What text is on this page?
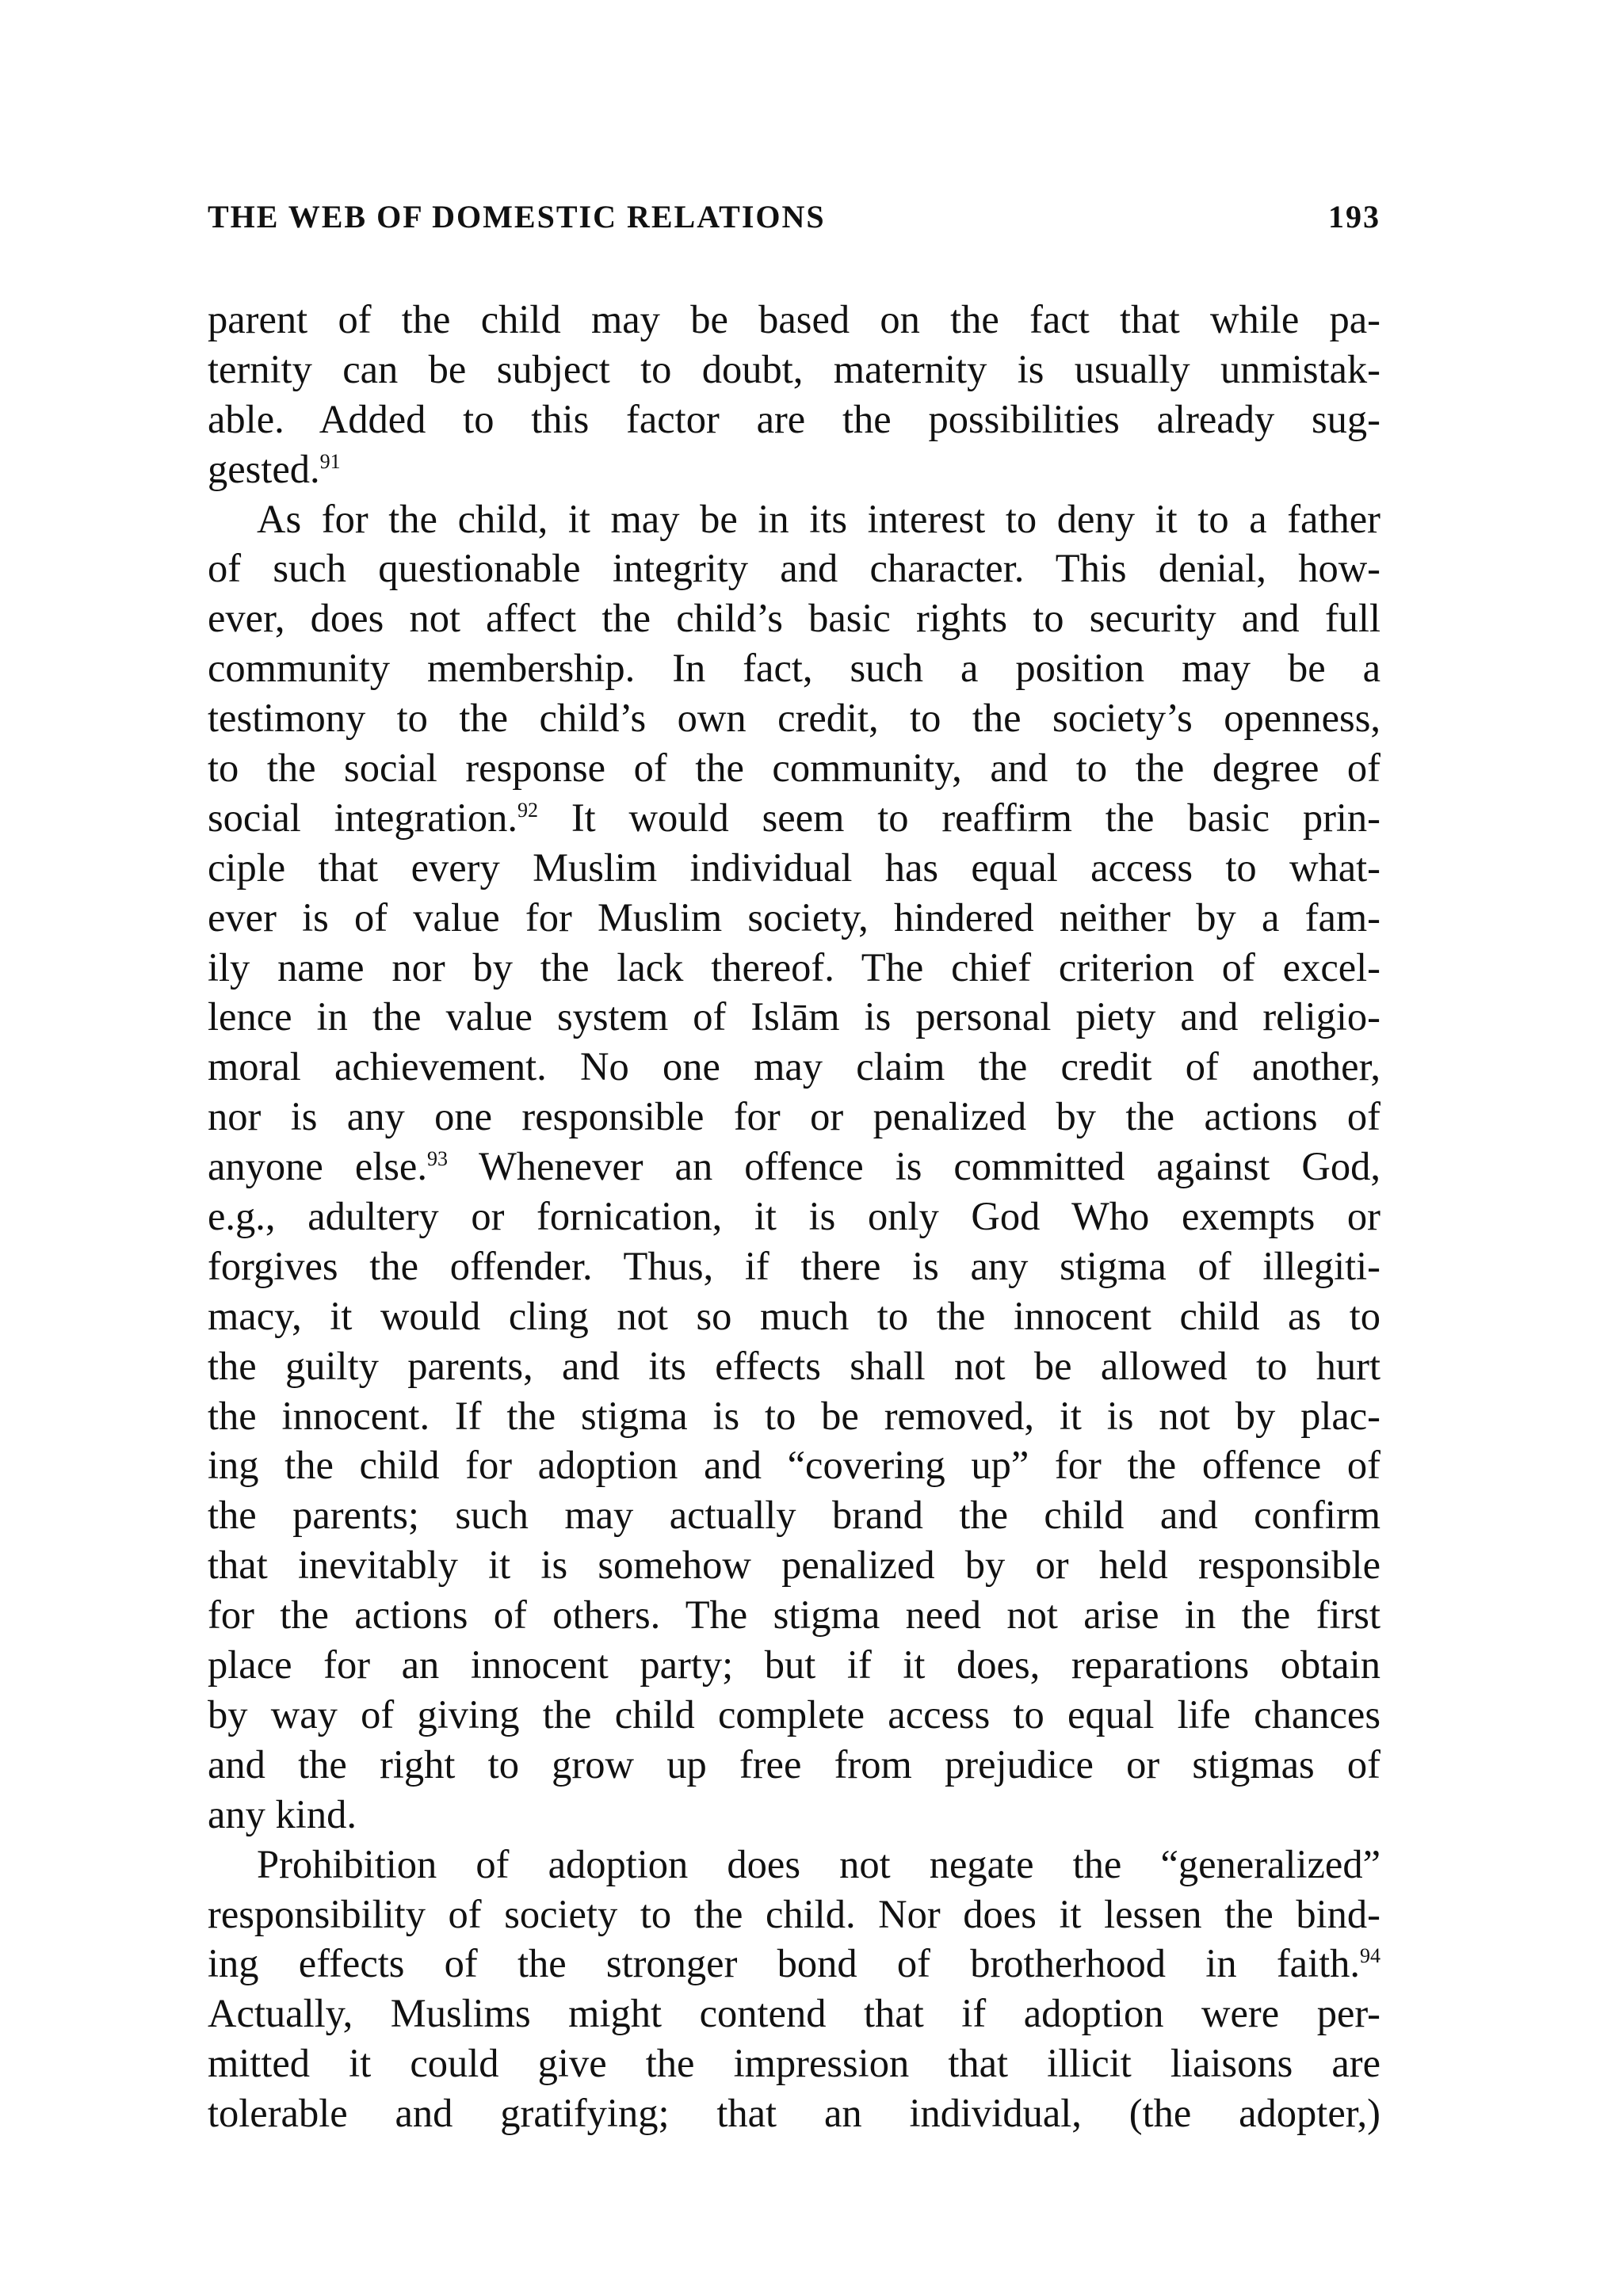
THE WEB OF DOMESTIC RELATIONS	193
parent of the child may be based on the fact that while pa-
ternity can be subject to doubt, maternity is usually unmistak-
able. Added to this factor are the possibilities already sug-
gested.$^{91}$
As for the child, it may be in its interest to deny it to a father
of such questionable integrity and character. This denial, how-
ever, does not affect the child’s basic rights to security and full
community membership. In fact, such a position may be a
testimony to the child’s own credit, to the society’s openness,
to the social response of the community, and to the degree of
social integration.$^{92}$ It would seem to reaffirm the basic prin-
ciple that every Muslim individual has equal access to what-
ever is of value for Muslim society, hindered neither by a fam-
ily name nor by the lack thereof. The chief criterion of excel-
lence in the value system of Islām is personal piety and religio-
moral achievement. No one may claim the credit of another,
nor is any one responsible for or penalized by the actions of
anyone else.$^{93}$ Whenever an offence is committed against God,
e.g., adultery or fornication, it is only God Who exempts or
forgives the offender. Thus, if there is any stigma of illegiti-
macy, it would cling not so much to the innocent child as to
the guilty parents, and its effects shall not be allowed to hurt
the innocent. If the stigma is to be removed, it is not by plac-
ing the child for adoption and “covering up” for the offence of
the parents; such may actually brand the child and confirm
that inevitably it is somehow penalized by or held responsible
for the actions of others. The stigma need not arise in the first
place for an innocent party; but if it does, reparations obtain
by way of giving the child complete access to equal life chances
and the right to grow up free from prejudice or stigmas of
any kind.
Prohibition of adoption does not negate the “generalized”
responsibility of society to the child. Nor does it lessen the bind-
ing effects of the stronger bond of brotherhood in faith.$^{94}$
Actually, Muslims might contend that if adoption were per-
mitted it could give the impression that illicit liaisons are
tolerable and gratifying; that an individual, (the adopter,)
